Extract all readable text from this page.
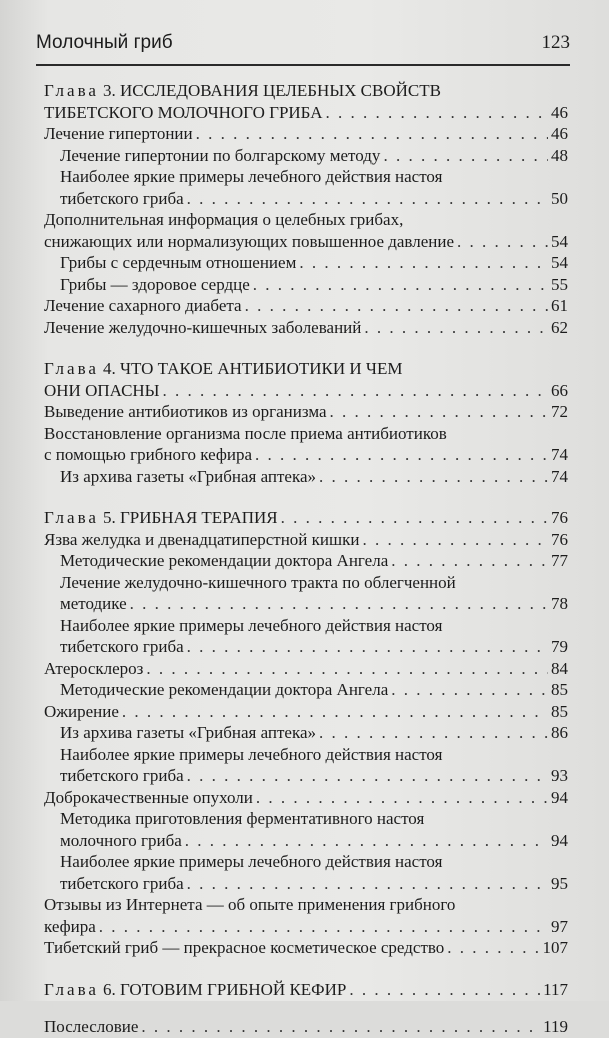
Молочный гриб	123
Глава 3. ИССЛЕДОВАНИЯ ЦЕЛЕБНЫХ СВОЙСТВ
ТИБЕТСКОГО МОЛОЧНОГО ГРИБА . . .	46
Лечение гипертонии . . .	46
Лечение гипертонии по болгарскому методу . . .	48
Наиболее яркие примеры лечебного действия настоя
тибетского гриба . . .	50
Дополнительная информация о целебных грибах,
снижающих или нормализующих повышенное давление . . .	54
Грибы с сердечным отношением . . .	54
Грибы — здоровое сердце . . .	55
Лечение сахарного диабета . . .	61
Лечение желудочно-кишечных заболеваний . . .	62
Глава 4. ЧТО ТАКОЕ АНТИБИОТИКИ И ЧЕМ
ОНИ ОПАСНЫ . . .	66
Выведение антибиотиков из организма . . .	72
Восстановление организма после приема антибиотиков
с помощью грибного кефира . . .	74
Из архива газеты «Грибная аптека» . . .	74
Глава 5. ГРИБНАЯ ТЕРАПИЯ . . .	76
Язва желудка и двенадцатиперстной кишки . . .	76
Методические рекомендации доктора Ангела . . .	77
Лечение желудочно-кишечного тракта по облегченной
методике . . .	78
Наиболее яркие примеры лечебного действия настоя
тибетского гриба . . .	79
Атеросклероз . . .	84
Методические рекомендации доктора Ангела . . .	85
Ожирение . . .	85
Из архива газеты «Грибная аптека» . . .	86
Наиболее яркие примеры лечебного действия настоя
тибетского гриба . . .	93
Доброкачественные опухоли . . .	94
Методика приготовления ферментативного настоя
молочного гриба . . .	94
Наиболее яркие примеры лечебного действия настоя
тибетского гриба . . .	95
Отзывы из Интернета — об опыте применения грибного
кефира . . .	97
Тибетский гриб — прекрасное косметическое средство . . .	107
Глава 6. ГОТОВИМ ГРИБНОЙ КЕФИР . . .	117
Послесловие . . .	119
